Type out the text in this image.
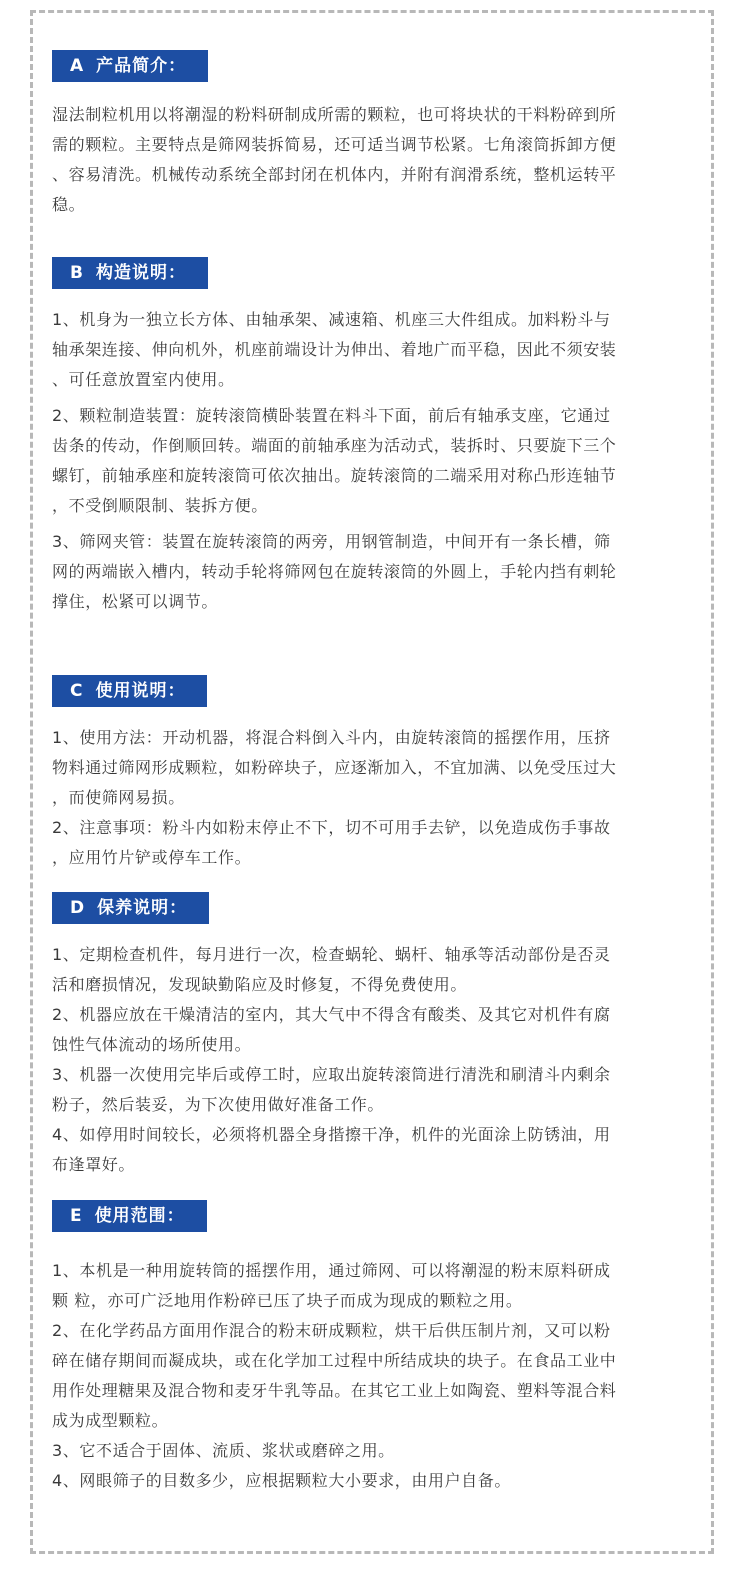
A 产品简介：

湿法制粒机用以将潮湿的粉料研制成所需的颗粒，也可将块状的干料粉碎到所
需的颗粒。主要特点是筛网装拆简易，还可适当调节松紧。七角滚筒拆卸方便
、容易清洗。机械传动系统全部封闭在机体内，并附有润滑系统，整机运转平
稳。

B 构造说明：

1、机身为一独立长方体、由轴承架、减速箱、机座三大件组成。加料粉斗与
轴承架连接、伸向机外，机座前端设计为伸出、着地广而平稳，因此不须安装
、可任意放置室内使用。

2、颗粒制造装置：旋转滚筒横卧装置在料斗下面，前后有轴承支座，它通过
齿条的传动，作倒顺回转。端面的前轴承座为活动式，装拆时、只要旋下三个
螺钉，前轴承座和旋转滚筒可依次抽出。旋转滚筒的二端采用对称凸形连轴节
，不受倒顺限制、装拆方便。

3、筛网夹管：装置在旋转滚筒的两旁，用钢管制造，中间开有一条长槽，筛
网的两端嵌入槽内，转动手轮将筛网包在旋转滚筒的外圆上，手轮内挡有刺轮
撑住，松紧可以调节。

C 使用说明：

1、使用方法：开动机器，将混合料倒入斗内，由旋转滚筒的摇摆作用，压挤
物料通过筛网形成颗粒，如粉碎块子，应逐渐加入，不宜加满、以免受压过大
，而使筛网易损。

2、注意事项：粉斗内如粉末停止不下，切不可用手去铲，以免造成伤手事故
，应用竹片铲或停车工作。

D 保养说明：

1、定期检查机件，每月进行一次，检查蜗轮、蜗杆、轴承等活动部份是否灵
活和磨损情况，发现缺勤陷应及时修复，不得免费使用。

2、机器应放在干燥清洁的室内，其大气中不得含有酸类、及其它对机件有腐
蚀性气体流动的场所使用。

3、机器一次使用完毕后或停工时，应取出旋转滚筒进行清洗和刷清斗内剩余
粉子，然后装妥，为下次使用做好准备工作。

4、如停用时间较长，必须将机器全身揩擦干净，机件的光面涂上防锈油，用
布逢罩好。

E 使用范围：

1、本机是一种用旋转筒的摇摆作用，通过筛网、可以将潮湿的粉末原料研成
颗 粒，亦可广泛地用作粉碎已压了块子而成为现成的颗粒之用。

2、在化学药品方面用作混合的粉末研成颗粒，烘干后供压制片剂，又可以粉
碎在储存期间而凝成块，或在化学加工过程中所结成块的块子。在食品工业中
用作处理糖果及混合物和麦牙牛乳等品。在其它工业上如陶瓷、塑料等混合料
成为成型颗粒。

3、它不适合于固体、流质、浆状或磨碎之用。

4、网眼筛子的目数多少，应根据颗粒大小要求，由用户自备。
